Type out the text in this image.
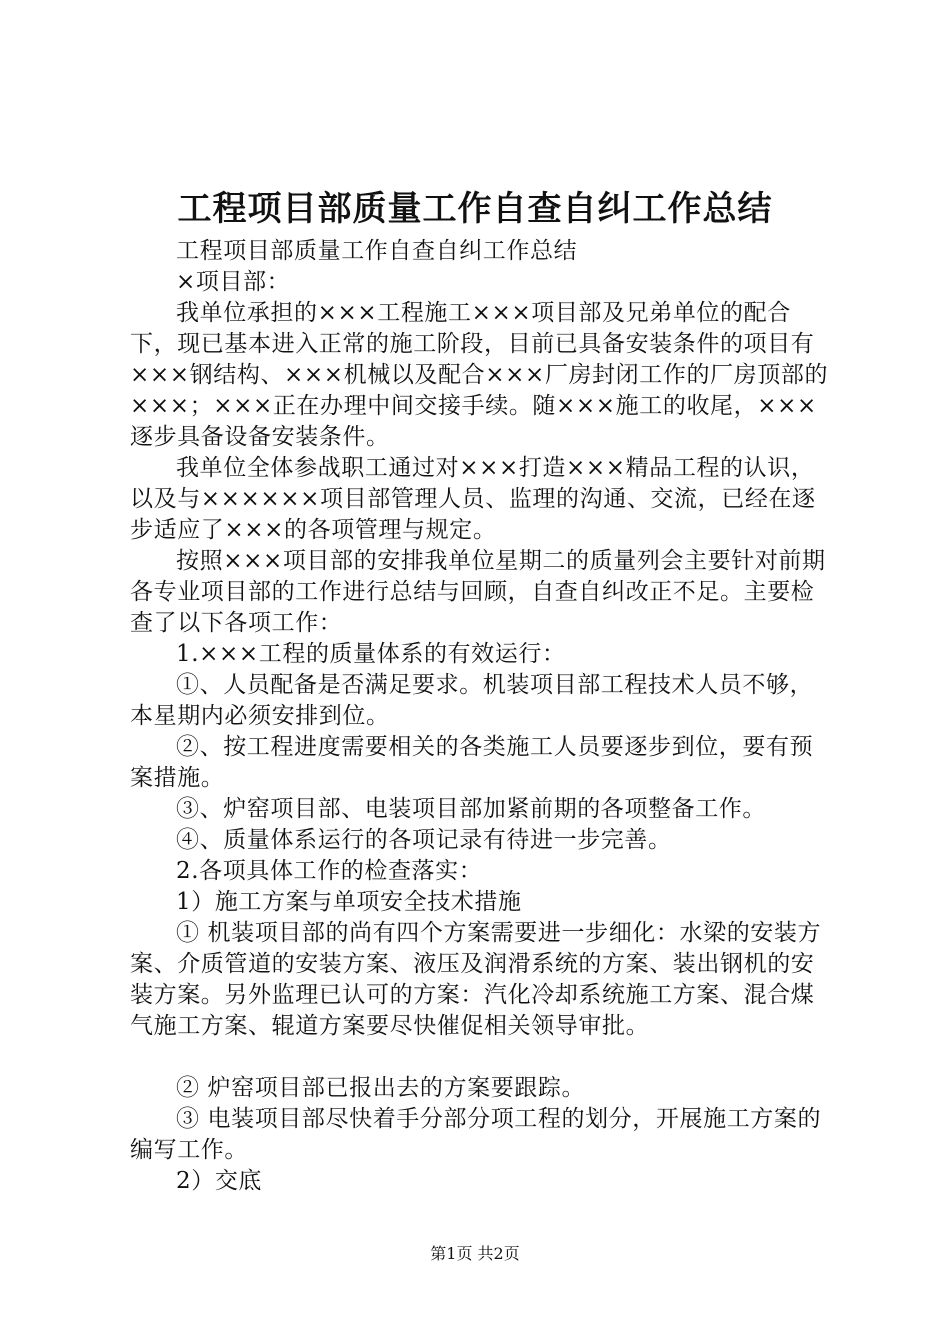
工程项目部质量工作自查自纠工作总结

工程项目部质量工作自查自纠工作总结

×项目部：

我单位承担的×××工程施工×××项目部及兄弟单位的配合下，现已基本进入正常的施工阶段，目前已具备安装条件的项目有×××钢结构、×××机械以及配合×××厂房封闭工作的厂房顶部的×××；×××正在办理中间交接手续。随×××施工的收尾，×××逐步具备设备安装条件。

我单位全体参战职工通过对×××打造×××精品工程的认识，以及与××××××项目部管理人员、监理的沟通、交流，已经在逐步适应了×××的各项管理与规定。

按照×××项目部的安排我单位星期二的质量列会主要针对前期各专业项目部的工作进行总结与回顾，自查自纠改正不足。主要检查了以下各项工作：

1.×××工程的质量体系的有效运行：

①、人员配备是否满足要求。机装项目部工程技术人员不够，本星期内必须安排到位。

②、按工程进度需要相关的各类施工人员要逐步到位，要有预案措施。

③、炉窑项目部、电装项目部加紧前期的各项整备工作。

④、质量体系运行的各项记录有待进一步完善。

2.各项具体工作的检查落实：

1）施工方案与单项安全技术措施

① 机装项目部的尚有四个方案需要进一步细化：水梁的安装方案、介质管道的安装方案、液压及润滑系统的方案、装出钢机的安装方案。另外监理已认可的方案：汽化冷却系统施工方案、混合煤气施工方案、辊道方案要尽快催促相关领导审批。

② 炉窑项目部已报出去的方案要跟踪。

③ 电装项目部尽快着手分部分项工程的划分，开展施工方案的编写工作。

2）交底

第1页 共2页
